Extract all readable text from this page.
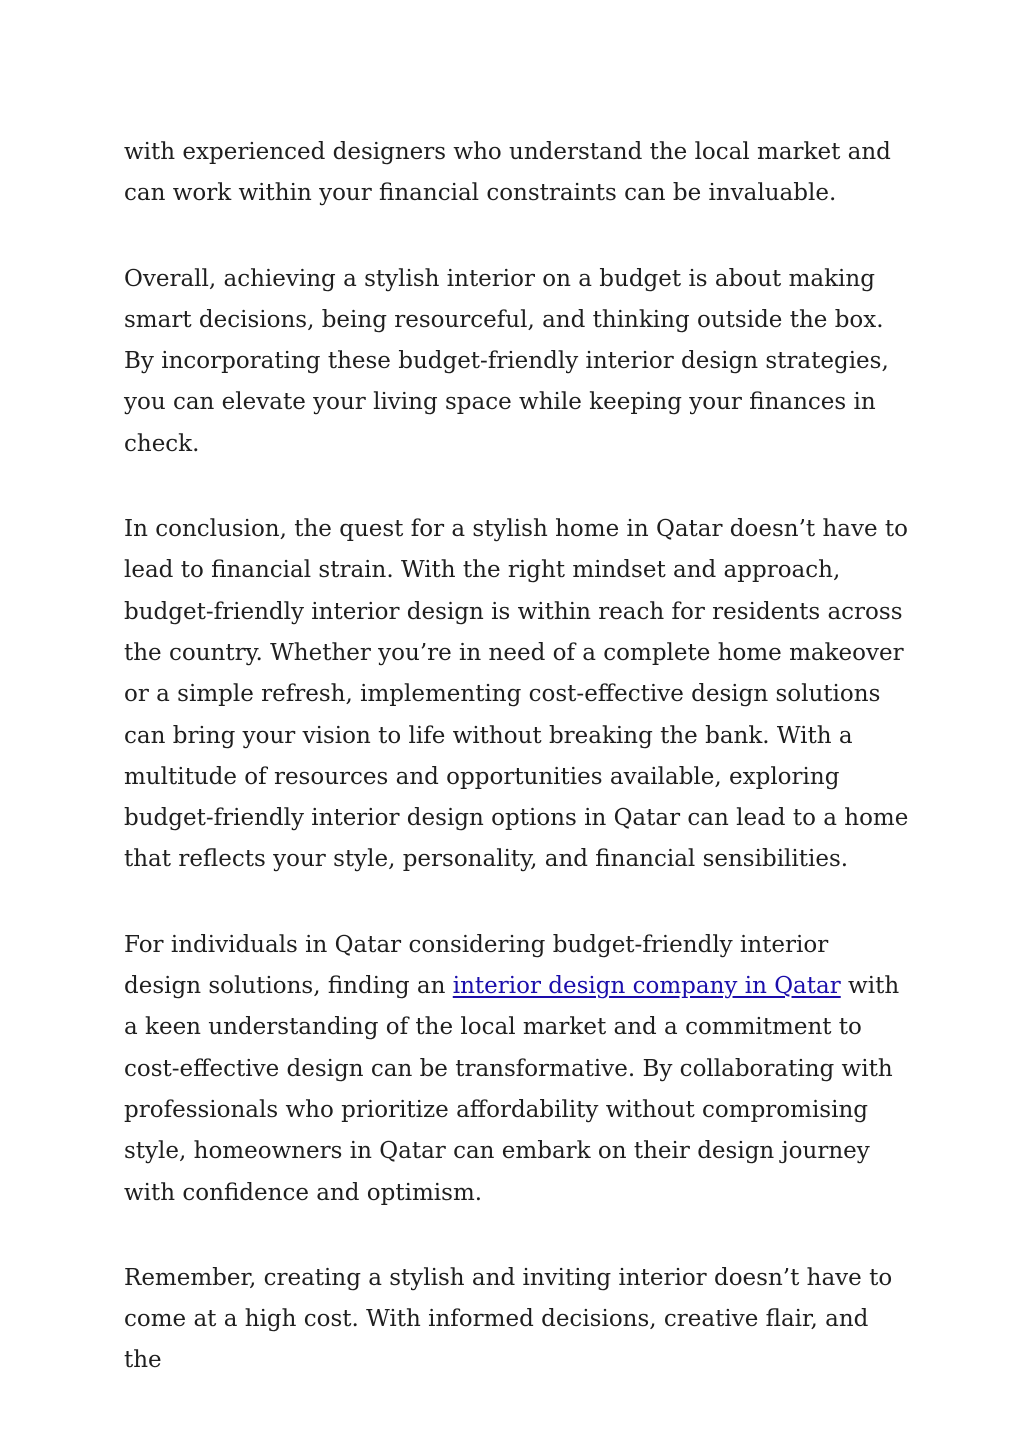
with experienced designers who understand the local market and can work within your financial constraints can be invaluable.

Overall, achieving a stylish interior on a budget is about making smart decisions, being resourceful, and thinking outside the box. By incorporating these budget-friendly interior design strategies, you can elevate your living space while keeping your finances in check.

In conclusion, the quest for a stylish home in Qatar doesn’t have to lead to financial strain. With the right mindset and approach, budget-friendly interior design is within reach for residents across the country. Whether you’re in need of a complete home makeover or a simple refresh, implementing cost-effective design solutions can bring your vision to life without breaking the bank. With a multitude of resources and opportunities available, exploring budget-friendly interior design options in Qatar can lead to a home that reflects your style, personality, and financial sensibilities.

For individuals in Qatar considering budget-friendly interior design solutions, finding an interior design company in Qatar with a keen understanding of the local market and a commitment to cost-effective design can be transformative. By collaborating with professionals who prioritize affordability without compromising style, homeowners in Qatar can embark on their design journey with confidence and optimism.

Remember, creating a stylish and inviting interior doesn’t have to come at a high cost. With informed decisions, creative flair, and the
